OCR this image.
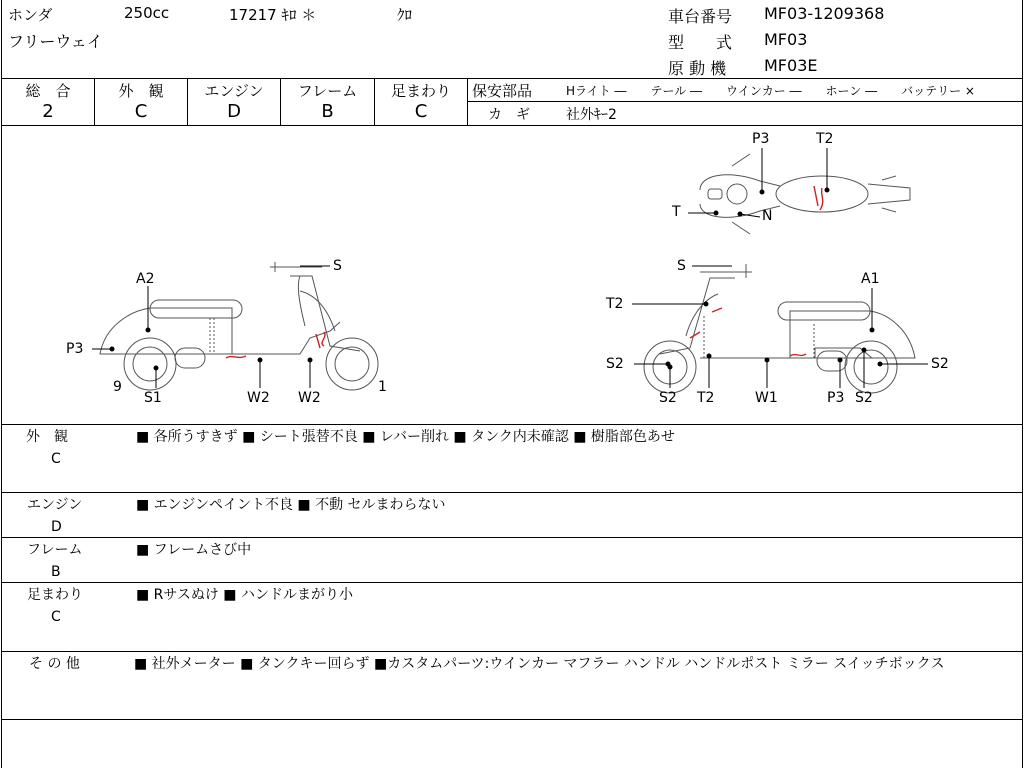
ホンダ	250cc	17217 ｷﾛ ＊	ｸﾛ
フリーウェイ
車台番号 MF03-1209368
型　　式 MF03
原 動 機 MF03E
総　合
2
外　観
C
エンジン
D
フレーム
B
足まわり
C
保安部品	Hライト ―　　テール ―　　ウインカー ―　　ホーン ―　　バッテリー ×
カ　ギ	社外ｷｰ2
S
A2
P3
9
S1	W2 W2
1
P3	T2
T	N
S
A1
T2
S2	S2
S2 T2	W1	P3 S2
外　観
C
■ 各所うすきず ■ シート張替不良 ■ レバー削れ ■ タンク内未確認 ■ 樹脂部色あせ
エンジン
D
■ エンジンペイント不良 ■ 不動 セルまわらない
フレーム
B
■ フレームさび中
足まわり
C
■ Rサスぬけ ■ ハンドルまがり小
そ の 他	■ 社外メーター ■ タンクキー回らず ■カスタムパーツ:ウインカー マフラー ハンドル ハンドルポスト ミラー スイッチボックス
